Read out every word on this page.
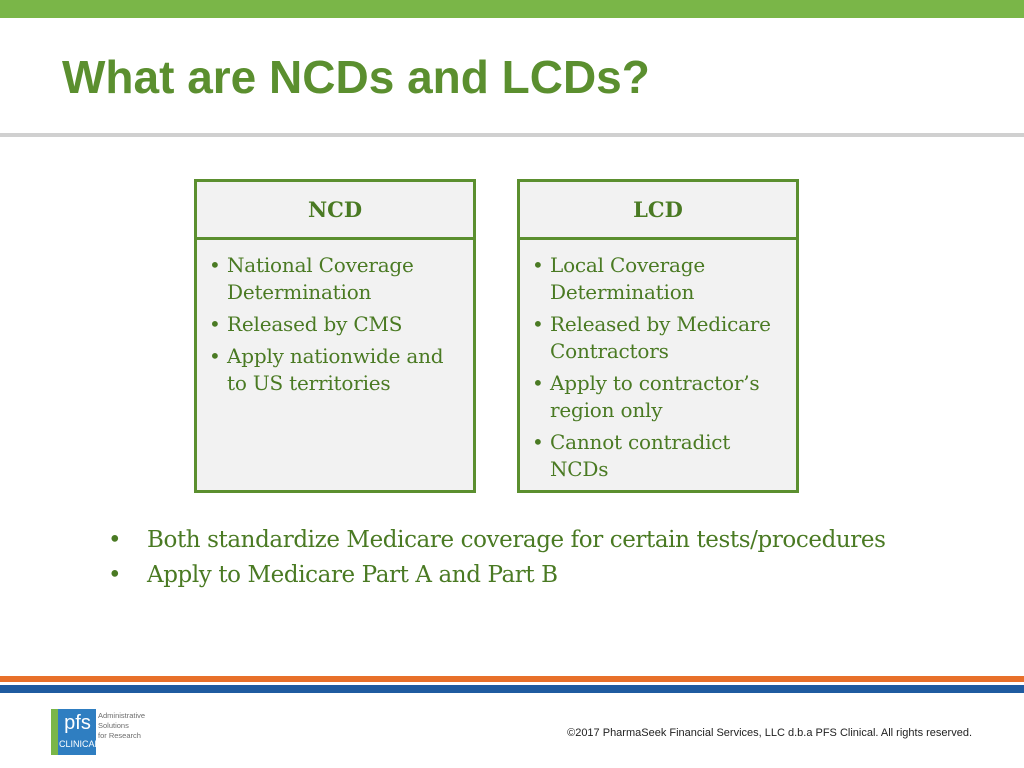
What are NCDs and LCDs?
NCD
• National Coverage Determination
• Released by CMS
• Apply nationwide and to US territories
LCD
• Local Coverage Determination
• Released by Medicare Contractors
• Apply to contractor’s region only
• Cannot contradict NCDs
• Both standardize Medicare coverage for certain tests/procedures
• Apply to Medicare Part A and Part B
pfs
CLINICAL
Administrative
Solutions
for Research	©2017 PharmaSeek Financial Services, LLC d.b.a PFS Clinical. All rights reserved.
